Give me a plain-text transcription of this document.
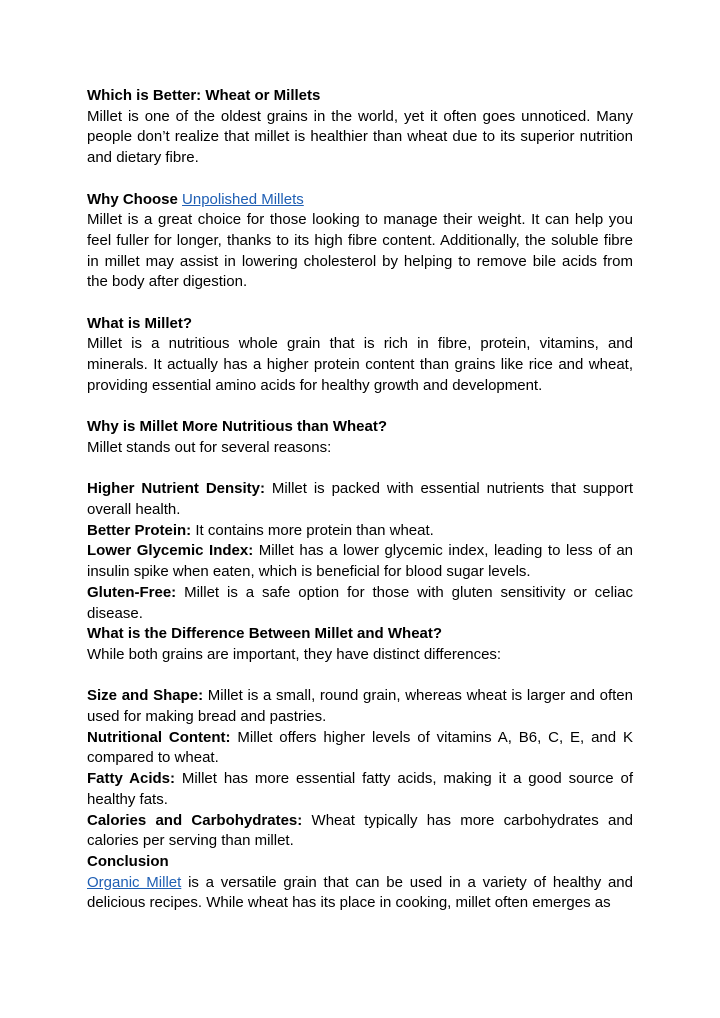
Which is Better: Wheat or Millets

Millet is one of the oldest grains in the world, yet it often goes unnoticed. Many people don’t realize that millet is healthier than wheat due to its superior nutrition and dietary fibre.

Why Choose Unpolished Millets

Millet is a great choice for those looking to manage their weight. It can help you feel fuller for longer, thanks to its high fibre content. Additionally, the soluble fibre in millet may assist in lowering cholesterol by helping to remove bile acids from the body after digestion.

What is Millet?

Millet is a nutritious whole grain that is rich in fibre, protein, vitamins, and minerals. It actually has a higher protein content than grains like rice and wheat, providing essential amino acids for healthy growth and development.

Why is Millet More Nutritious than Wheat?

Millet stands out for several reasons:

Higher Nutrient Density: Millet is packed with essential nutrients that support overall health.

Better Protein: It contains more protein than wheat.

Lower Glycemic Index: Millet has a lower glycemic index, leading to less of an insulin spike when eaten, which is beneficial for blood sugar levels.

Gluten-Free: Millet is a safe option for those with gluten sensitivity or celiac disease.

What is the Difference Between Millet and Wheat?

While both grains are important, they have distinct differences:

Size and Shape: Millet is a small, round grain, whereas wheat is larger and often used for making bread and pastries.

Nutritional Content: Millet offers higher levels of vitamins A, B6, C, E, and K compared to wheat.

Fatty Acids: Millet has more essential fatty acids, making it a good source of healthy fats.

Calories and Carbohydrates: Wheat typically has more carbohydrates and calories per serving than millet.

Conclusion

Organic Millet is a versatile grain that can be used in a variety of healthy and delicious recipes. While wheat has its place in cooking, millet often emerges as
